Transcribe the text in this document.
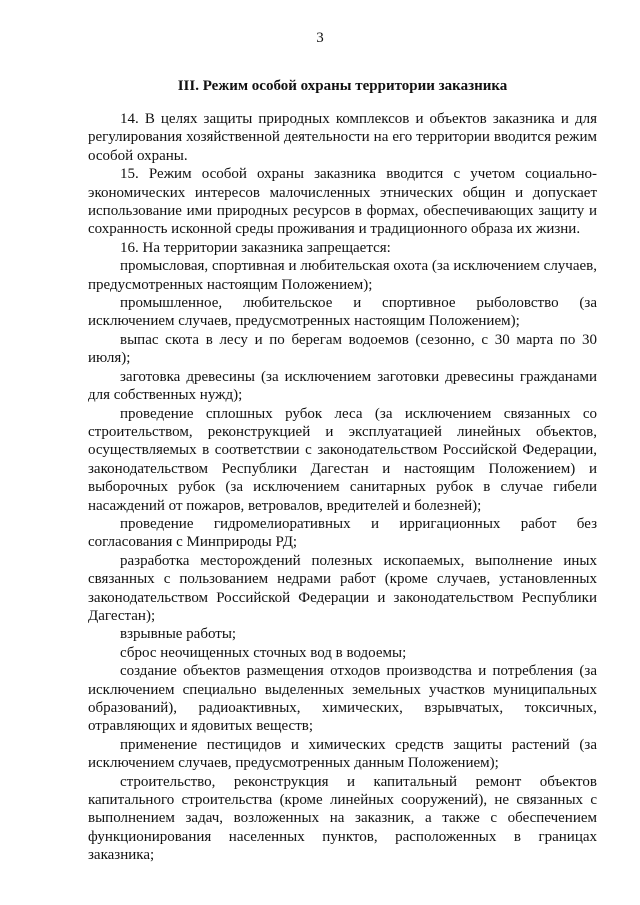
3
III. Режим особой охраны территории заказника

14. В целях защиты природных комплексов и объектов заказника и для регулирования хозяйственной деятельности на его территории вводится режим особой охраны.

15. Режим особой охраны заказника вводится с учетом социально-экономических интересов малочисленных этнических общин и допускает использование ими природных ресурсов в формах, обеспечивающих защиту и сохранность исконной среды проживания и традиционного образа их жизни.

16. На территории заказника запрещается:

промысловая, спортивная и любительская охота (за исключением случаев, предусмотренных настоящим Положением);

промышленное, любительское и спортивное рыболовство (за исключением случаев, предусмотренных настоящим Положением);

выпас скота в лесу и по берегам водоемов (сезонно, с 30 марта по 30 июля);

заготовка древесины (за исключением заготовки древесины гражданами для собственных нужд);

проведение сплошных рубок леса (за исключением связанных со строительством, реконструкцией и эксплуатацией линейных объектов, осуществляемых в соответствии с законодательством Российской Федерации, законодательством Республики Дагестан и настоящим Положением) и выборочных рубок (за исключением санитарных рубок в случае гибели насаждений от пожаров, ветровалов, вредителей и болезней);

проведение гидромелиоративных и ирригационных работ без согласования с Минприроды РД;

разработка месторождений полезных ископаемых, выполнение иных связанных с пользованием недрами работ (кроме случаев, установленных законодательством Российской Федерации и законодательством Республики Дагестан);

взрывные работы;

сброс неочищенных сточных вод в водоемы;

создание объектов размещения отходов производства и потребления (за исключением специально выделенных земельных участков муниципальных образований), радиоактивных, химических, взрывчатых, токсичных, отравляющих и ядовитых веществ;

применение пестицидов и химических средств защиты растений (за исключением случаев, предусмотренных данным Положением);

строительство, реконструкция и капитальный ремонт объектов капитального строительства (кроме линейных сооружений), не связанных с выполнением задач, возложенных на заказник, а также с обеспечением функционирования населенных пунктов, расположенных в границах заказника;
